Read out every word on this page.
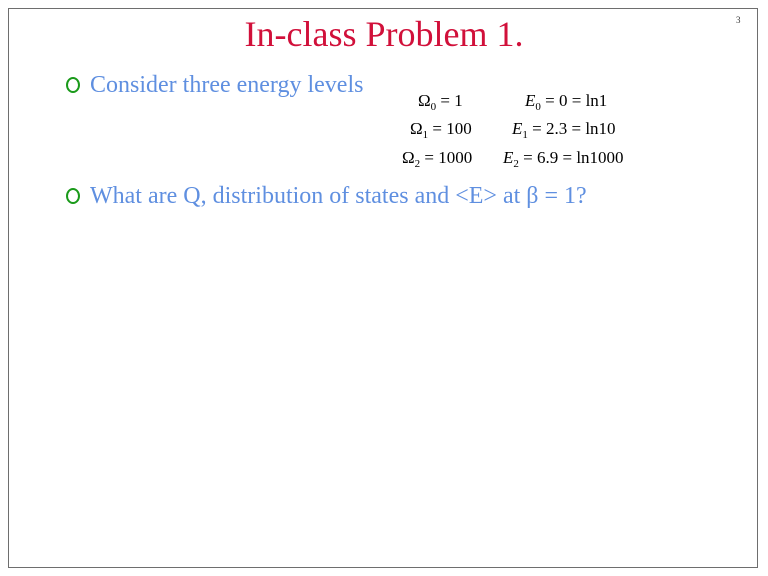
In-class Problem 1.	3
Consider three energy levels
$\Omega_0 = 1$
$\Omega_1 = 100$
$\Omega_2 = 1000$
$E_0 = 0 = \ln 1$
$E_1 = 2.3 = \ln 10$
$E_2 = 6.9 = \ln 1000$
What are Q, distribution of states and <E> at β = 1?
